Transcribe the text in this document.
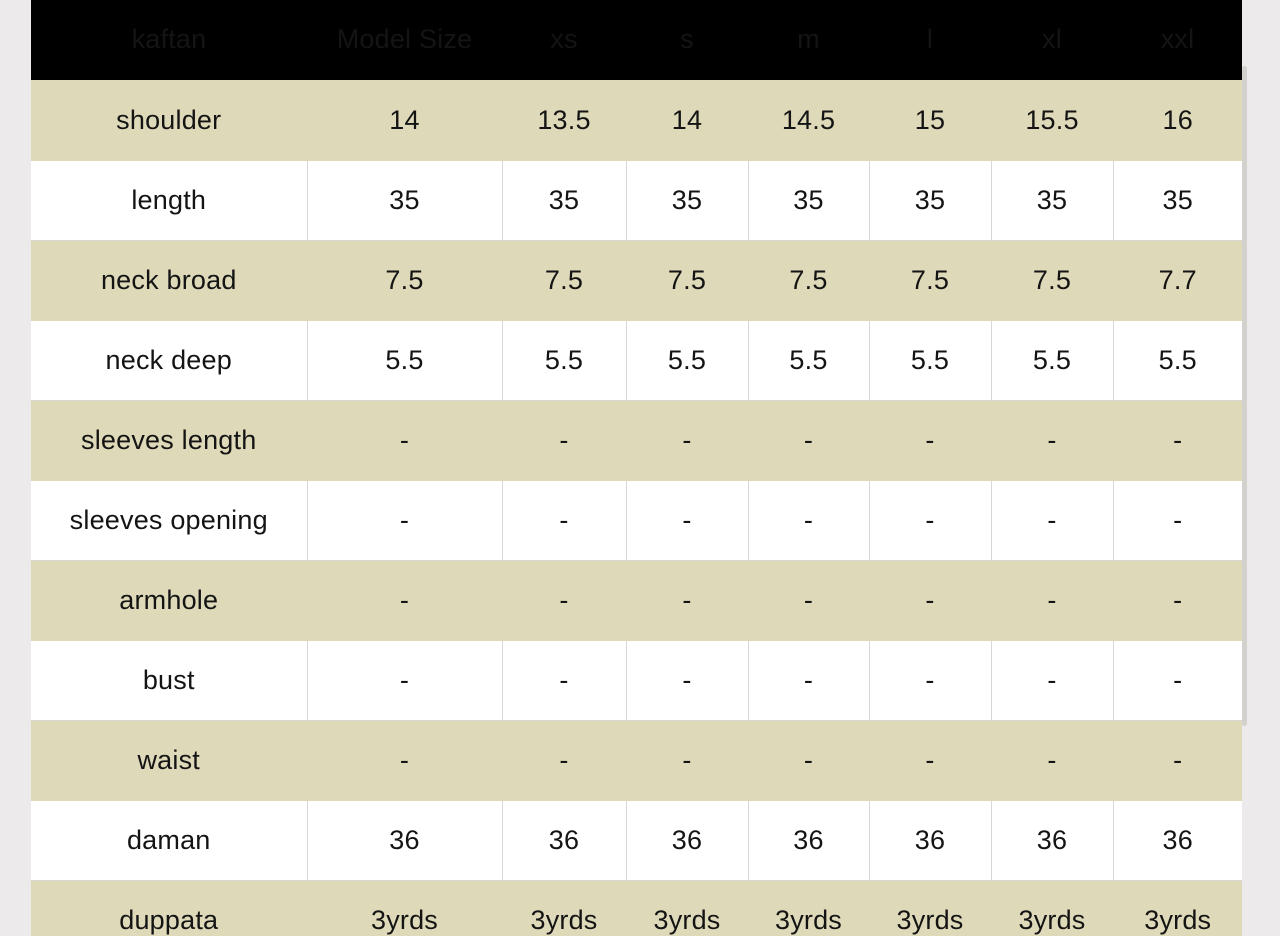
kaftan	Model Size	xs	s	m	l	xl	xxl
shoulder	14	13.5	14	14.5	15	15.5	16
length	35	35	35	35	35	35	35
neck broad	7.5	7.5	7.5	7.5	7.5	7.5	7.7
neck deep	5.5	5.5	5.5	5.5	5.5	5.5	5.5
sleeves length	-	-	-	-	-	-	-
sleeves opening	-	-	-	-	-	-	-
armhole	-	-	-	-	-	-	-
bust	-	-	-	-	-	-	-
waist	-	-	-	-	-	-	-
daman	36	36	36	36	36	36	36
duppata	3yrds	3yrds	3yrds	3yrds	3yrds	3yrds	3yrds
